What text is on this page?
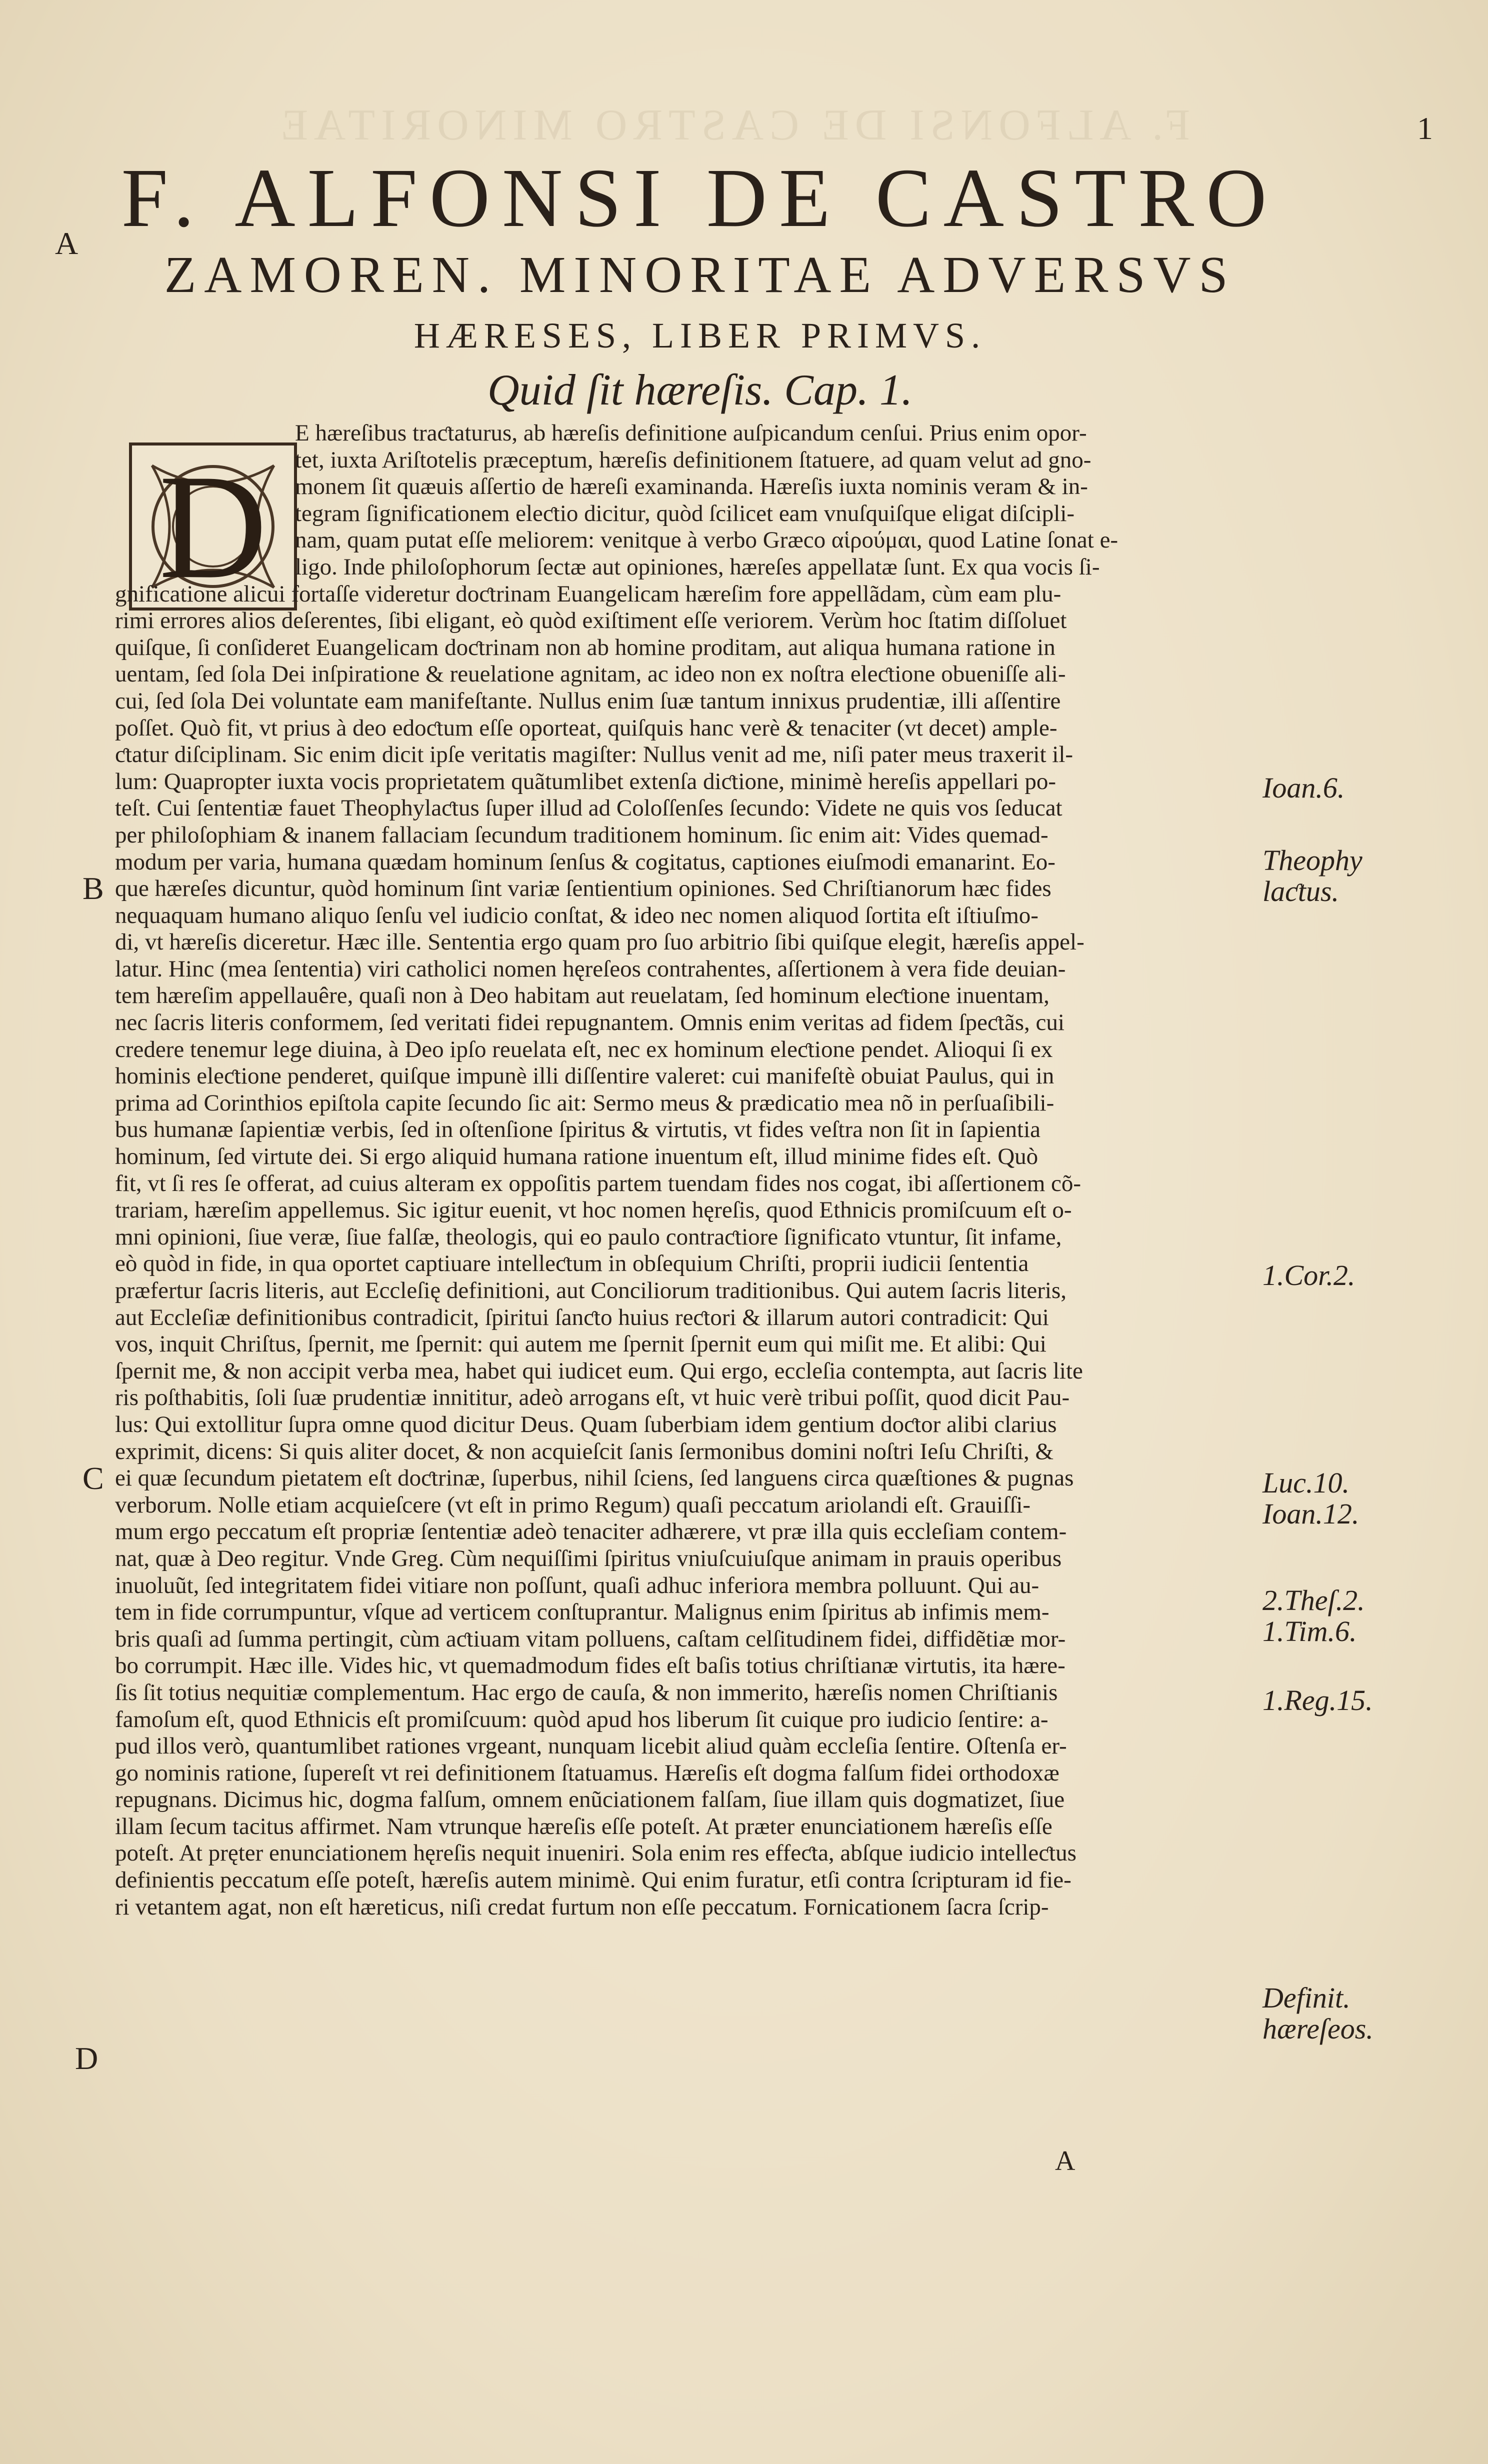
F. ALFONSI DE CASTRO MINORITAE	1
F. ALFONSI DE CASTRO
ZAMOREN. MINORITAE ADVERSVS
HÆRESES, LIBER PRIMVS.
Quid ſit hæreſis. Cap. 1.
A
B
C
D
D
E hæreſibus traƈtaturus, ab hæreſis definitione auſpicandum cenſui. Prius enim opor-
tet, iuxta Ariſtotelis præceptum, hæreſis definitionem ſtatuere, ad quam velut ad gno-
monem ſit quæuis aſſertio de hæreſi examinanda. Hæreſis iuxta nominis veram & in-
tegram ſignificationem eleƈtio dicitur, quòd ſcilicet eam vnuſquiſque eligat diſcipli-
nam, quam putat eſſe meliorem: venitque à verbo Græco αἱρούμαι, quod Latine ſonat e-
ligo. Inde philoſophorum ſectæ aut opiniones, hæreſes appellatæ ſunt. Ex qua vocis ſi-
gnificatione alicui fortaſſe videretur doƈtrinam Euangelicam hæreſim fore appellãdam, cùm eam plu-
rimi errores alios deſerentes, ſibi eligant, eò quòd exiſtiment eſſe veriorem. Verùm hoc ſtatim diſſoluet
quiſque, ſi conſideret Euangelicam doƈtrinam non ab homine proditam, aut aliqua humana ratione in
uentam, ſed ſola Dei inſpiratione & reuelatione agnitam, ac ideo non ex noſtra eleƈtione obueniſſe ali-
cui, ſed ſola Dei voluntate eam manifeſtante. Nullus enim ſuæ tantum innixus prudentiæ, illi aſſentire
poſſet. Quò fit, vt prius à deo edoƈtum eſſe oporteat, quiſquis hanc verè & tenaciter (vt decet) ample-
ƈtatur diſciplinam. Sic enim dicit ipſe veritatis magiſter: Nullus venit ad me, niſi pater meus traxerit il-
lum: Quapropter iuxta vocis proprietatem quãtumlibet extenſa diƈtione, minimè hereſis appellari po-
teſt. Cui ſententiæ fauet Theophylaƈtus ſuper illud ad Coloſſenſes ſecundo: Videte ne quis vos ſeducat
per philoſophiam & inanem fallaciam ſecundum traditionem hominum. ſic enim ait: Vides quemad-
modum per varia, humana quædam hominum ſenſus & cogitatus, captiones eiuſmodi emanarint. Eo-
que hæreſes dicuntur, quòd hominum ſint variæ ſentientium opiniones. Sed Chriſtianorum hæc fides
nequaquam humano aliquo ſenſu vel iudicio conſtat, & ideo nec nomen aliquod ſortita eſt iſtiuſmo-
di, vt hæreſis diceretur. Hæc ille. Sententia ergo quam pro ſuo arbitrio ſibi quiſque elegit, hæreſis appel-
latur. Hinc (mea ſententia) viri catholici nomen hęreſeos contrahentes, aſſertionem à vera fide deuian-
tem hæreſim appellauêre, quaſi non à Deo habitam aut reuelatam, ſed hominum eleƈtione inuentam,
nec ſacris literis conformem, ſed veritati fidei repugnantem. Omnis enim veritas ad fidem ſpeƈtãs, cui
credere tenemur lege diuina, à Deo ipſo reuelata eſt, nec ex hominum eleƈtione pendet. Alioqui ſi ex
hominis eleƈtione penderet, quiſque impunè illi diſſentire valeret: cui manifeſtè obuiat Paulus, qui in
prima ad Corinthios epiſtola capite ſecundo ſic ait: Sermo meus & prædicatio mea nõ in perſuaſibili-
bus humanæ ſapientiæ verbis, ſed in oſtenſione ſpiritus & virtutis, vt fides veſtra non ſit in ſapientia
hominum, ſed virtute dei. Si ergo aliquid humana ratione inuentum eſt, illud minime fides eſt. Quò
fit, vt ſi res ſe offerat, ad cuius alteram ex oppoſitis partem tuendam fides nos cogat, ibi aſſertionem cõ-
trariam, hæreſim appellemus. Sic igitur euenit, vt hoc nomen hęreſis, quod Ethnicis promiſcuum eſt o-
mni opinioni, ſiue veræ, ſiue falſæ, theologis, qui eo paulo contraƈtiore ſignificato vtuntur, ſit infame,
eò quòd in fide, in qua oportet captiuare intelleƈtum in obſequium Chriſti, proprii iudicii ſententia
præfertur ſacris literis, aut Eccleſię definitioni, aut Conciliorum traditionibus. Qui autem ſacris literis,
aut Eccleſiæ definitionibus contradicit, ſpiritui ſanƈto huius reƈtori & illarum autori contradicit: Qui
vos, inquit Chriſtus, ſpernit, me ſpernit: qui autem me ſpernit ſpernit eum qui miſit me. Et alibi: Qui
ſpernit me, & non accipit verba mea, habet qui iudicet eum. Qui ergo, eccleſia contempta, aut ſacris lite
ris poſthabitis, ſoli ſuæ prudentiæ innititur, adeò arrogans eſt, vt huic verè tribui poſſit, quod dicit Pau-
lus: Qui extollitur ſupra omne quod dicitur Deus. Quam ſuberbiam idem gentium doƈtor alibi clarius
exprimit, dicens: Si quis aliter docet, & non acquieſcit ſanis ſermonibus domini noſtri Ieſu Chriſti, &
ei quæ ſecundum pietatem eſt doƈtrinæ, ſuperbus, nihil ſciens, ſed languens circa quæſtiones & pugnas
verborum. Nolle etiam acquieſcere (vt eſt in primo Regum) quaſi peccatum ariolandi eſt. Grauiſſi-
mum ergo peccatum eſt propriæ ſententiæ adeò tenaciter adhærere, vt præ illa quis eccleſiam contem-
nat, quæ à Deo regitur. Vnde Greg. Cùm nequiſſimi ſpiritus vniuſcuiuſque animam in prauis operibus
inuoluũt, ſed integritatem fidei vitiare non poſſunt, quaſi adhuc inferiora membra polluunt. Qui au-
tem in fide corrumpuntur, vſque ad verticem conſtuprantur. Malignus enim ſpiritus ab infimis mem-
bris quaſi ad ſumma pertingit, cùm aƈtiuam vitam polluens, caſtam celſitudinem fidei, diffidẽtiæ mor-
bo corrumpit. Hæc ille. Vides hic, vt quemadmodum fides eſt baſis totius chriſtianæ virtutis, ita hære-
ſis ſit totius nequitiæ complementum. Hac ergo de cauſa, & non immerito, hæreſis nomen Chriſtianis
famoſum eſt, quod Ethnicis eſt promiſcuum: quòd apud hos liberum ſit cuique pro iudicio ſentire: a-
pud illos verò, quantumlibet rationes vrgeant, nunquam licebit aliud quàm eccleſia ſentire. Oſtenſa er-
go nominis ratione, ſupereſt vt rei definitionem ſtatuamus. Hæreſis eſt dogma falſum fidei orthodoxæ
repugnans. Dicimus hic, dogma falſum, omnem enũciationem falſam, ſiue illam quis dogmatizet, ſiue
illam ſecum tacitus affirmet. Nam vtrunque hæreſis eſſe poteſt. At præter enunciationem hæreſis eſſe
poteſt. At pręter enunciationem hęreſis nequit inueniri. Sola enim res effeƈta, abſque iudicio intelleƈtus
definientis peccatum eſſe poteſt, hæreſis autem minimè. Qui enim furatur, etſi contra ſcripturam id fie-
ri vetantem agat, non eſt hæreticus, niſi credat furtum non eſſe peccatum. Fornicationem ſacra ſcrip-
Ioan.6.
Theophy laƈtus.
1.Cor.2.
Luc.10. Ioan.12.
2.Theſ.2. 1.Tim.6.
1.Reg.15.
Definit. hæreſeos.
A
